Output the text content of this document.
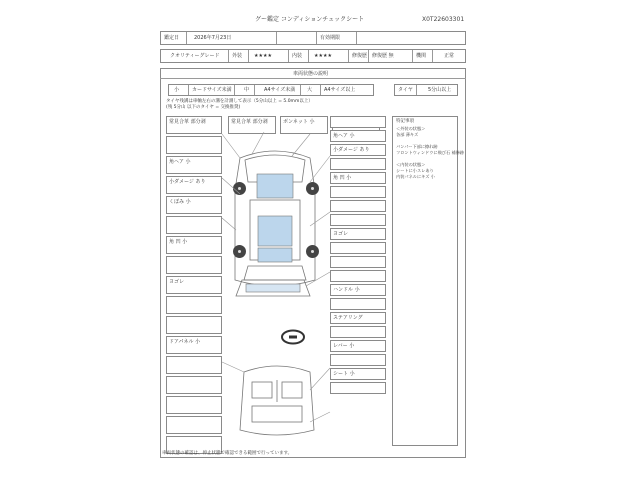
グー鑑定 コンディションチェックシート	X0T22603301
鑑定日	2026年7月23日	有効期限
クオリティーグレード 外装 ★★★★	内装 ★★★★	修復歴 修復歴 無	機関	正常
車両状態の説明
小	カードサイズ未満 中	A4サイズ未満 大 A4サイズ以上	タイヤ	5分山以上
タイヤ残溝は車軸左右の溝を計測して表示（5分山以上 = 5.0mm以上）
(残 5分山 以下のタイヤ = 交換推奨)
特記事項
＜外装の状態＞
各部 薄キズ
バンパー下部に擦れ跡
フロントウィンドウに飛び石 補修跡
＜内装の状態＞
シートに小スレあり
内装パネルにキズ 小
常見合革 部分剥
角ヘア 小
小ダメージ あり
くぼみ 小
角 凹 小
ヨゴレ
ドアパネル 小
常見合革 部分剥	ボンネット 小
角ヘア 小
小ダメージ あり
角 凹 小
ヨゴレ
ハンドル 小
ステアリング
レバー 小
シート 小
車両状態の確認は、停止状態で確認できる範囲で行っています。
